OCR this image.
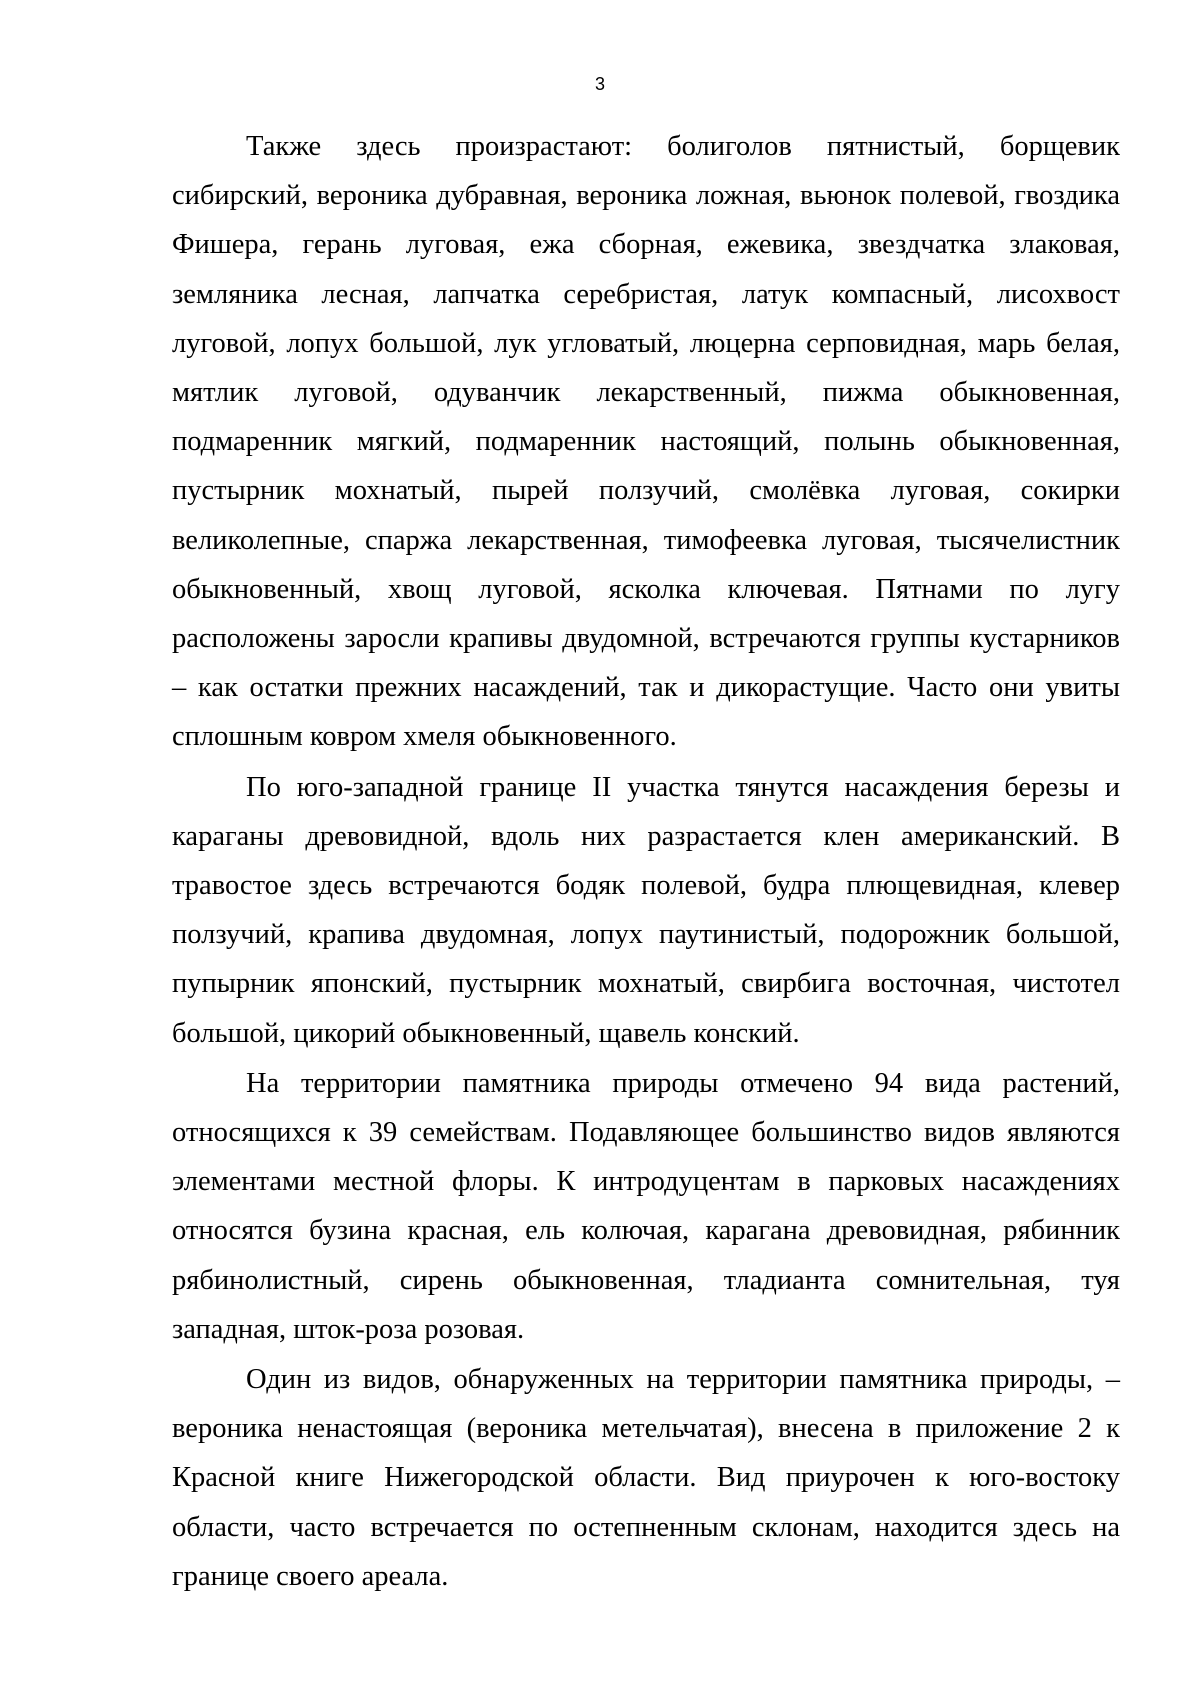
3

Также здесь произрастают: болиголов пятнистый, борщевик сибирский, вероника дубравная, вероника ложная, вьюнок полевой, гвоздика Фишера, герань луговая, ежа сборная, ежевика, звездчатка злаковая, земляника лесная, лапчатка серебристая, латук компасный, лисохвост луговой, лопух большой, лук угловатый, люцерна серповидная, марь белая, мятлик луговой, одуванчик лекарственный, пижма обыкновенная, подмаренник мягкий, подмаренник настоящий, полынь обыкновенная, пустырник мохнатый, пырей ползучий, смолёвка луговая, сокирки великолепные, спаржа лекарственная, тимофеевка луговая, тысячелистник обыкновенный, хвощ луговой, ясколка ключевая. Пятнами по лугу расположены заросли крапивы двудомной, встречаются группы кустарников – как остатки прежних насаждений, так и дикорастущие. Часто они увиты сплошным ковром хмеля обыкновенного.

По юго-западной границе II участка тянутся насаждения березы и караганы древовидной, вдоль них разрастается клен американский. В травостое здесь встречаются бодяк полевой, будра плющевидная, клевер ползучий, крапива двудомная, лопух паутинистый, подорожник большой, пупырник японский, пустырник мохнатый, свирбига восточная, чистотел большой, цикорий обыкновенный, щавель конский.

На территории памятника природы отмечено 94 вида растений, относящихся к 39 семействам. Подавляющее большинство видов являются элементами местной флоры. К интродуцентам в парковых насаждениях относятся бузина красная, ель колючая, карагана древовидная, рябинник рябинолистный, сирень обыкновенная, тладианта сомнительная, туя западная, шток-роза розовая.

Один из видов, обнаруженных на территории памятника природы, – вероника ненастоящая (вероника метельчатая), внесена в приложение 2 к Красной книге Нижегородской области. Вид приурочен к юго-востоку области, часто встречается по остепненным склонам, находится здесь на границе своего ареала.
